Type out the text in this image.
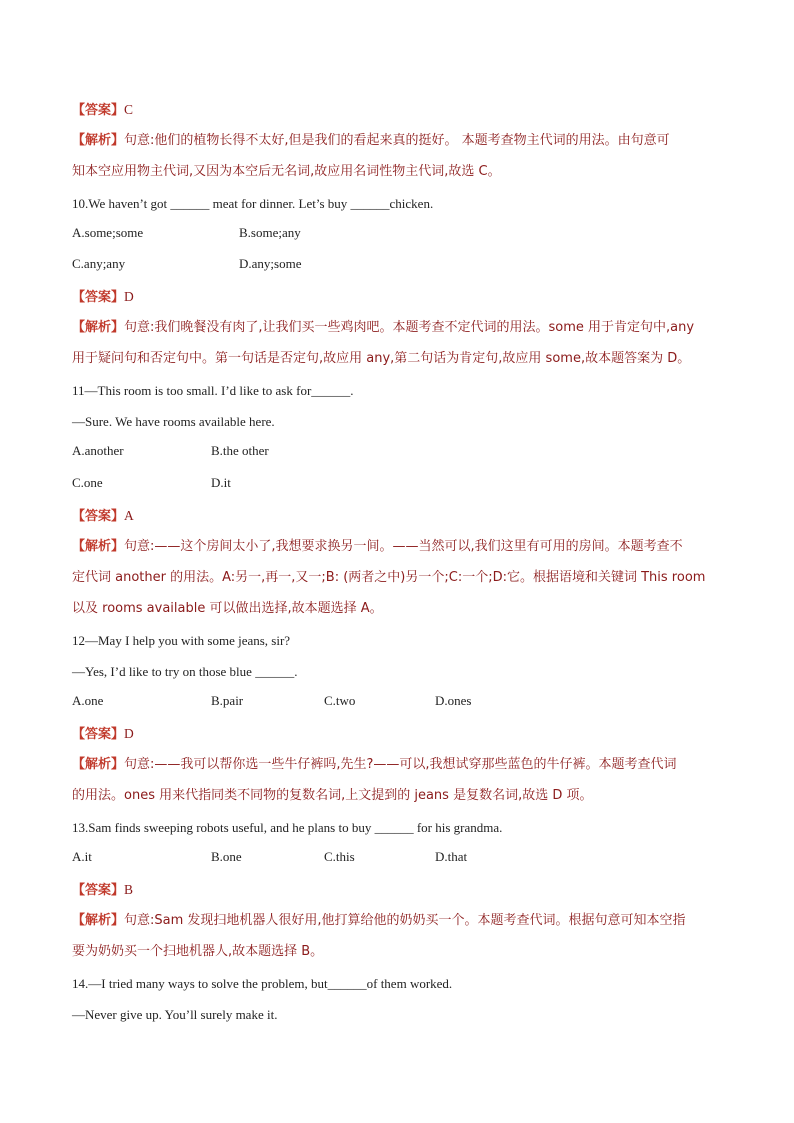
【答案】C
【解析】句意:他们的植物长得不太好,但是我们的看起来真的挺好。 本题考查物主代词的用法。由句意可
知本空应用物主代词,又因为本空后无名词,故应用名词性物主代词,故选 C。
10.We haven’t got ______ meat for dinner. Let’s buy ______chicken.
A.some;some	B.some;any
C.any;any	D.any;some
【答案】D
【解析】句意:我们晚餐没有肉了,让我们买一些鸡肉吧。本题考查不定代词的用法。some 用于肯定句中,any
用于疑问句和否定句中。第一句话是否定句,故应用 any,第二句话为肯定句,故应用 some,故本题答案为 D。
11—This room is too small. I’d like to ask for______.
—Sure. We have rooms available here.
A.another	B.the other
C.one	D.it
【答案】A
【解析】句意:——这个房间太小了,我想要求换另一间。——当然可以,我们这里有可用的房间。本题考查不
定代词 another 的用法。A:另一,再一,又一;B: (两者之中)另一个;C:一个;D:它。根据语境和关键词 This room
以及 rooms available 可以做出选择,故本题选择 A。
12—May I help you with some jeans, sir?
—Yes, I’d like to try on those blue ______.
A.one	B.pair	C.two	D.ones
【答案】D
【解析】句意:——我可以帮你选一些牛仔裤吗,先生?——可以,我想试穿那些蓝色的牛仔裤。本题考查代词
的用法。ones 用来代指同类不同物的复数名词,上文提到的 jeans 是复数名词,故选 D 项。
13.Sam finds sweeping robots useful, and he plans to buy ______ for his grandma.
A.it	B.one	C.this	D.that
【答案】B
【解析】句意:Sam 发现扫地机器人很好用,他打算给他的奶奶买一个。本题考查代词。根据句意可知本空指
要为奶奶买一个扫地机器人,故本题选择 B。
14.—I tried many ways to solve the problem, but______of them worked.
—Never give up. You’ll surely make it.
